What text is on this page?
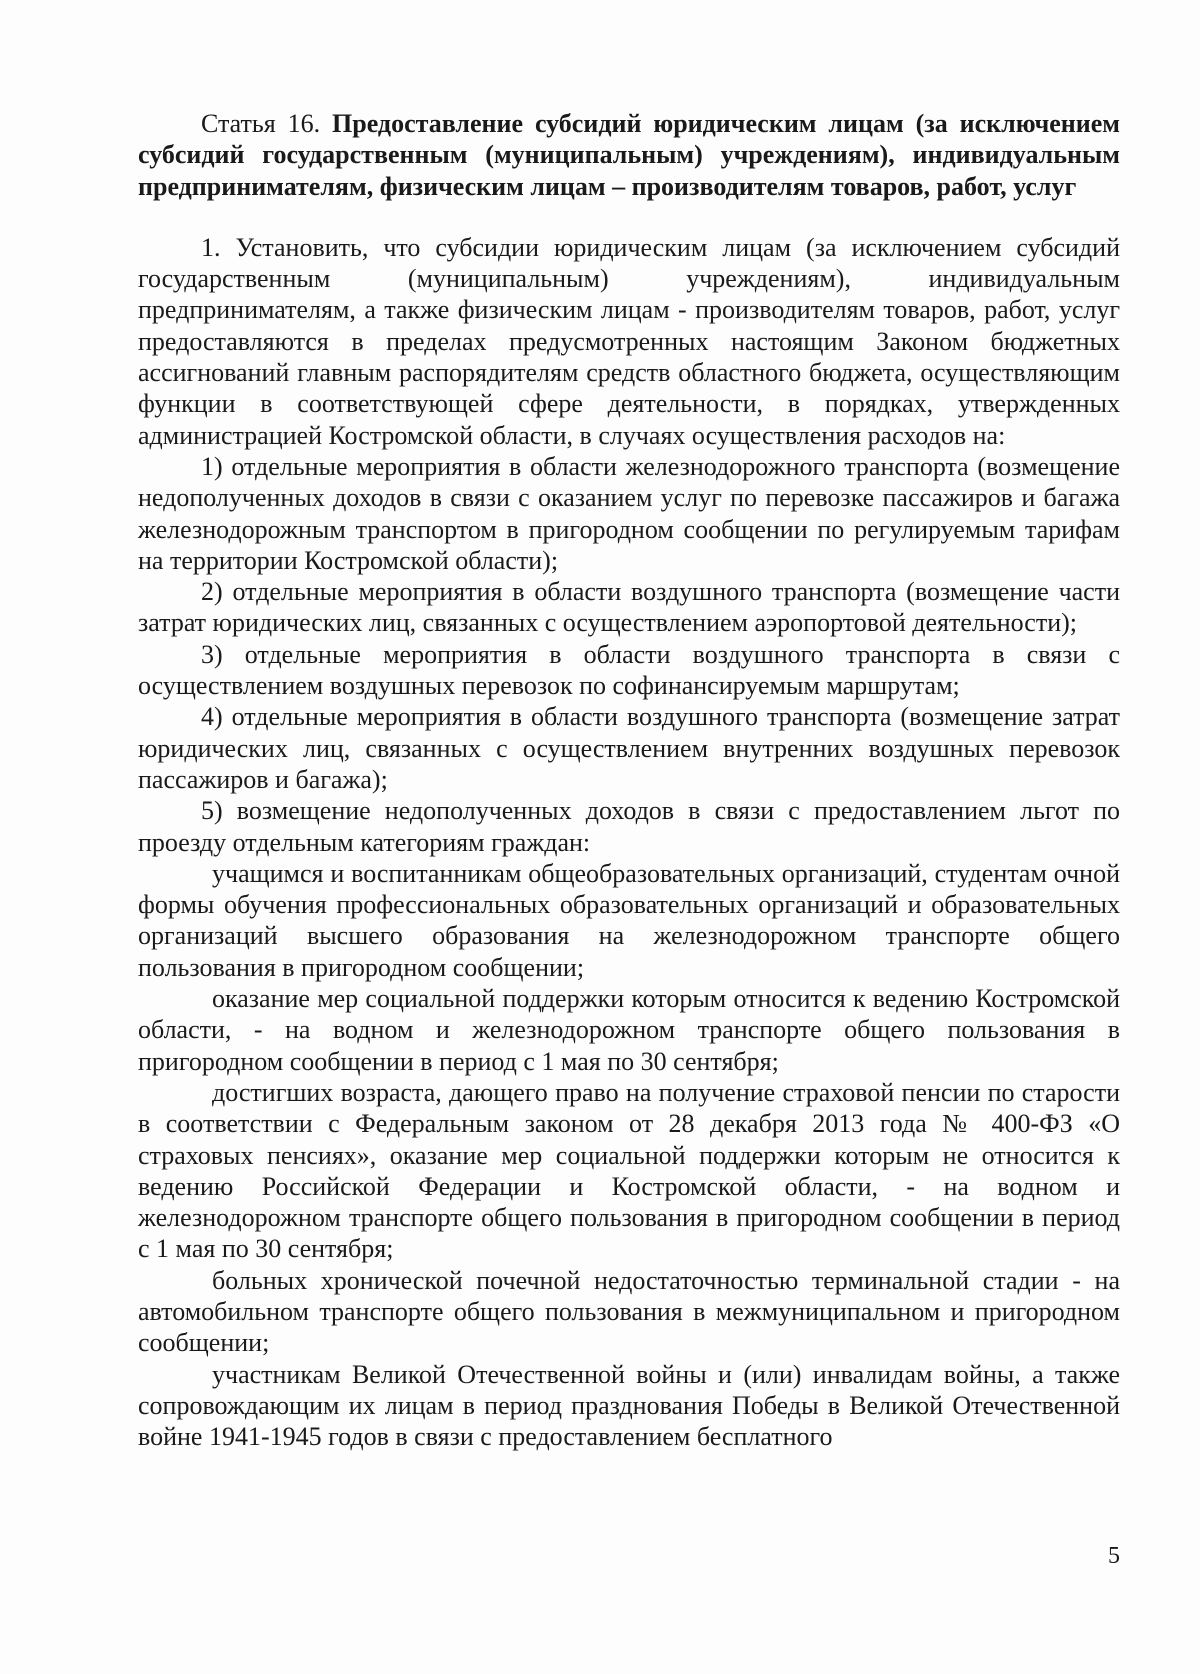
Статья 16. Предоставление субсидий юридическим лицам (за исключением субсидий государственным (муниципальным) учреждениям), индивидуальным предпринимателям, физическим лицам – производителям товаров, работ, услуг

1. Установить, что субсидии юридическим лицам (за исключением субсидий государственным (муниципальным) учреждениям), индивидуальным предпринимателям, а также физическим лицам - производителям товаров, работ, услуг предоставляются в пределах предусмотренных настоящим Законом бюджетных ассигнований главным распорядителям средств областного бюджета, осуществляющим функции в соответствующей сфере деятельности, в порядках, утвержденных администрацией Костромской области, в случаях осуществления расходов на:

1) отдельные мероприятия в области железнодорожного транспорта (возмещение недополученных доходов в связи с оказанием услуг по перевозке пассажиров и багажа железнодорожным транспортом в пригородном сообщении по регулируемым тарифам на территории Костромской области);

2) отдельные мероприятия в области воздушного транспорта (возмещение части затрат юридических лиц, связанных с осуществлением аэропортовой деятельности);

3) отдельные мероприятия в области воздушного транспорта в связи с осуществлением воздушных перевозок по софинансируемым маршрутам;

4) отдельные мероприятия в области воздушного транспорта (возмещение затрат юридических лиц, связанных с осуществлением внутренних воздушных перевозок пассажиров и багажа);

5) возмещение недополученных доходов в связи с предоставлением льгот по проезду отдельным категориям граждан:

учащимся и воспитанникам общеобразовательных организаций, студентам очной формы обучения профессиональных образовательных организаций и образовательных организаций высшего образования на железнодорожном транспорте общего пользования в пригородном сообщении;

оказание мер социальной поддержки которым относится к ведению Костромской области, - на водном и железнодорожном транспорте общего пользования в пригородном сообщении в период с 1 мая по 30 сентября;

достигших возраста, дающего право на получение страховой пенсии по старости в соответствии с Федеральным законом от 28 декабря 2013 года № 400-ФЗ «О страховых пенсиях», оказание мер социальной поддержки которым не относится к ведению Российской Федерации и Костромской области, - на водном и железнодорожном транспорте общего пользования в пригородном сообщении в период с 1 мая по 30 сентября;

больных хронической почечной недостаточностью терминальной стадии - на автомобильном транспорте общего пользования в межмуниципальном и пригородном сообщении;

участникам Великой Отечественной войны и (или) инвалидам войны, а также сопровождающим их лицам в период празднования Победы в Великой Отечественной войне 1941-1945 годов в связи с предоставлением бесплатного

5
